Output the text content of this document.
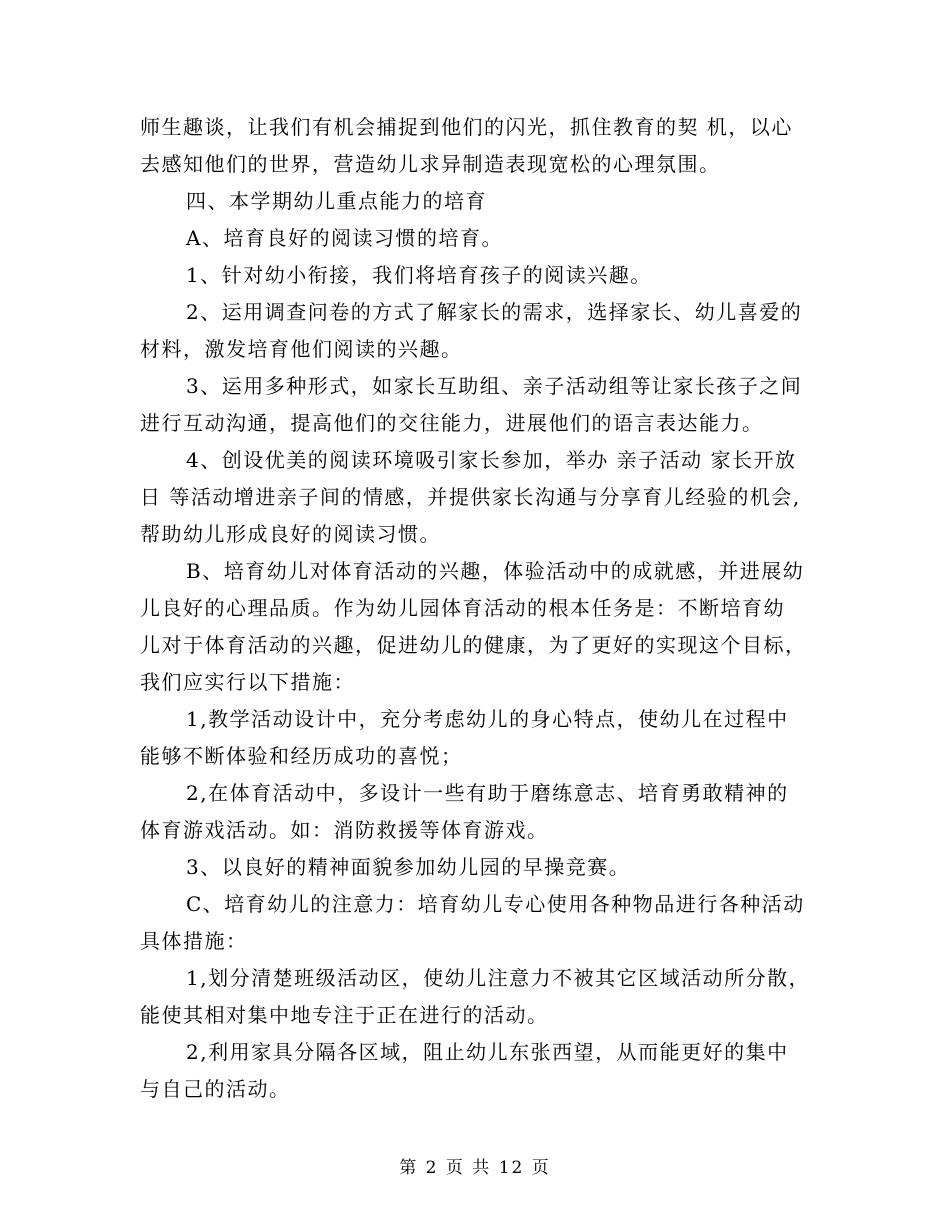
师生趣谈，让我们有机会捕捉到他们的闪光，抓住教育的契 机，以心
去感知他们的世界，营造幼儿求异制造表现宽松的心理氛围。
四、本学期幼儿重点能力的培育
A、培育良好的阅读习惯的培育。
1、针对幼小衔接，我们将培育孩子的阅读兴趣。
2、运用调查问卷的方式了解家长的需求，选择家长、幼儿喜爱的
材料，激发培育他们阅读的兴趣。
3、运用多种形式，如家长互助组、亲子活动组等让家长孩子之间
进行互动沟通，提高他们的交往能力，进展他们的语言表达能力。
4、创设优美的阅读环境吸引家长参加，举办 亲子活动 家长开放
日 等活动增进亲子间的情感，并提供家长沟通与分享育儿经验的机会,
帮助幼儿形成良好的阅读习惯。
B、培育幼儿对体育活动的兴趣，体验活动中的成就感，并进展幼
儿良好的心理品质。作为幼儿园体育活动的根本任务是：不断培育幼
儿对于体育活动的兴趣，促进幼儿的健康，为了更好的实现这个目标，
我们应实行以下措施：
1,教学活动设计中，充分考虑幼儿的身心特点，使幼儿在过程中
能够不断体验和经历成功的喜悦；
2,在体育活动中，多设计一些有助于磨练意志、培育勇敢精神的
体育游戏活动。如：消防救援等体育游戏。
3、以良好的精神面貌参加幼儿园的早操竞赛。
C、培育幼儿的注意力：培育幼儿专心使用各种物品进行各种活动
具体措施：
1,划分清楚班级活动区，使幼儿注意力不被其它区域活动所分散，
能使其相对集中地专注于正在进行的活动。
2,利用家具分隔各区域，阻止幼儿东张西望，从而能更好的集中
与自己的活动。
第 2 页 共 12 页
